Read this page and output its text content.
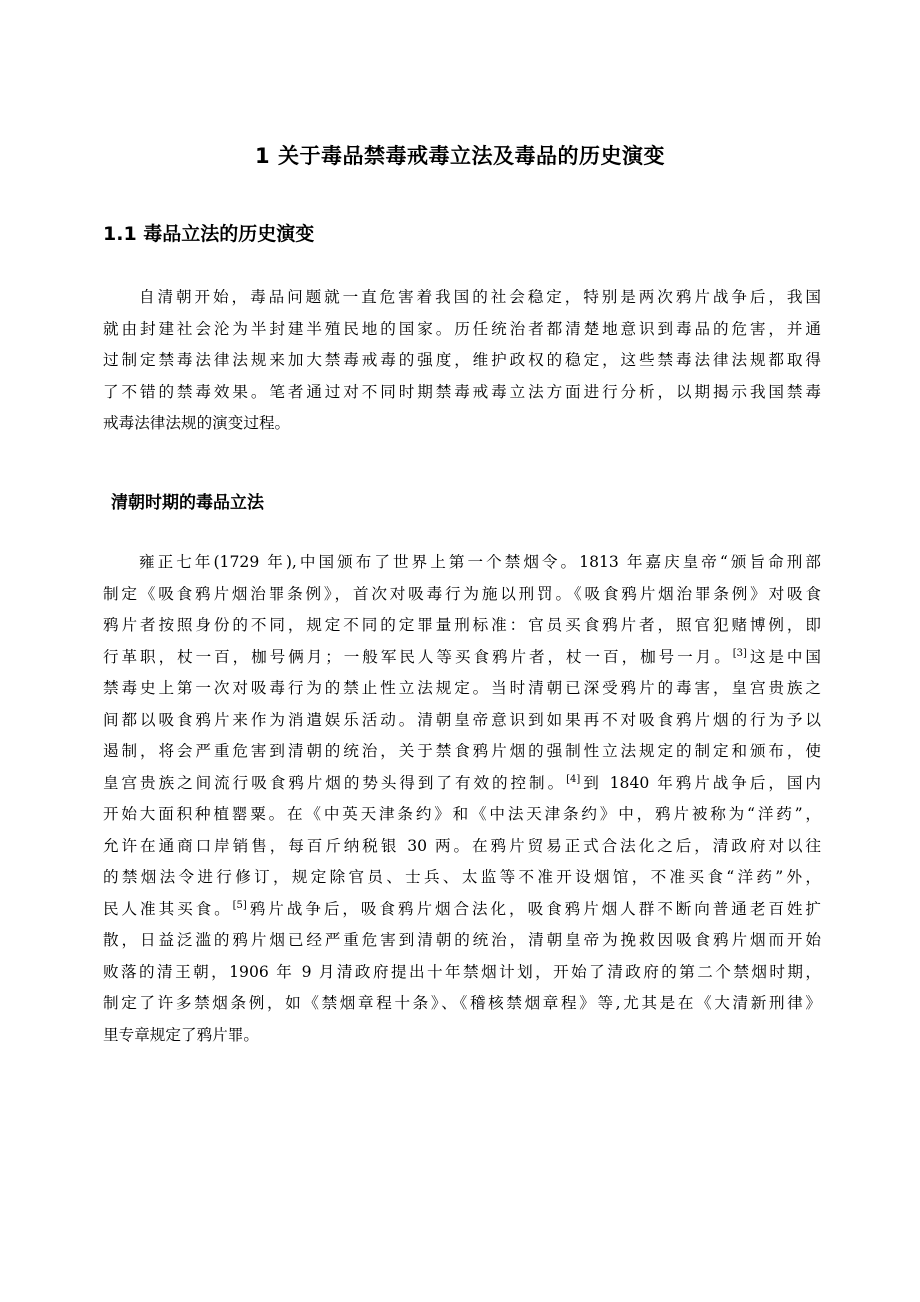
1 关于毒品禁毒戒毒立法及毒品的历史演变
1.1 毒品立法的历史演变
自清朝开始，毒品问题就一直危害着我国的社会稳定，特别是两次鸦片战争后，我国
就由封建社会沦为半封建半殖民地的国家。历任统治者都清楚地意识到毒品的危害，并通
过制定禁毒法律法规来加大禁毒戒毒的强度，维护政权的稳定，这些禁毒法律法规都取得
了不错的禁毒效果。笔者通过对不同时期禁毒戒毒立法方面进行分析，以期揭示我国禁毒
戒毒法律法规的演变过程。
清朝时期的毒品立法
雍正七年(1729 年),中国颁布了世界上第一个禁烟令。1813 年嘉庆皇帝“颁旨命刑部
制定《吸食鸦片烟治罪条例》，首次对吸毒行为施以刑罚。《吸食鸦片烟治罪条例》对吸食
鸦片者按照身份的不同，规定不同的定罪量刑标准：官员买食鸦片者，照官犯赌博例，即
行革职，杖一百，枷号俩月；一般军民人等买食鸦片者，杖一百，枷号一月。[3]这是中国
禁毒史上第一次对吸毒行为的禁止性立法规定。当时清朝已深受鸦片的毒害，皇宫贵族之
间都以吸食鸦片来作为消遣娱乐活动。清朝皇帝意识到如果再不对吸食鸦片烟的行为予以
遏制，将会严重危害到清朝的统治，关于禁食鸦片烟的强制性立法规定的制定和颁布，使
皇宫贵族之间流行吸食鸦片烟的势头得到了有效的控制。[4]到 1840 年鸦片战争后，国内
开始大面积种植罂粟。在《中英天津条约》和《中法天津条约》中，鸦片被称为“洋药”，
允许在通商口岸销售，每百斤纳税银 30 两。在鸦片贸易正式合法化之后，清政府对以往
的禁烟法令进行修订，规定除官员、士兵、太监等不准开设烟馆，不准买食“洋药”外，
民人准其买食。[5]鸦片战争后，吸食鸦片烟合法化，吸食鸦片烟人群不断向普通老百姓扩
散，日益泛滥的鸦片烟已经严重危害到清朝的统治，清朝皇帝为挽救因吸食鸦片烟而开始
败落的清王朝，1906 年 9 月清政府提出十年禁烟计划，开始了清政府的第二个禁烟时期，
制定了许多禁烟条例，如《禁烟章程十条》、《稽核禁烟章程》等,尤其是在《大清新刑律》
里专章规定了鸦片罪。
